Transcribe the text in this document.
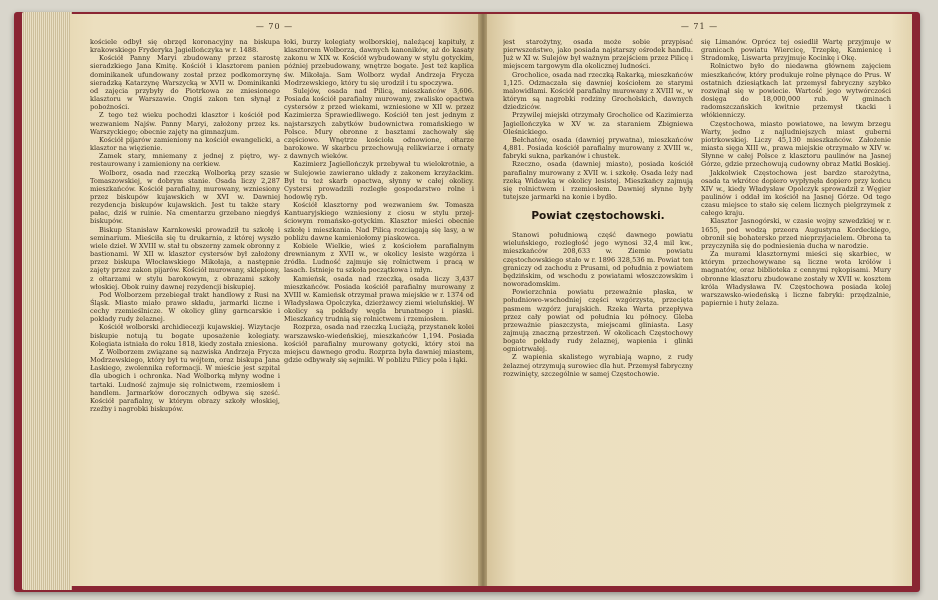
— 70 —

kościele odbył się obrzęd koronacyjny na biskupa krakowskiego Fryderyka Jagiellończyka w r. 1488.

Kościół Panny Maryi zbudowany przez starostę sieradzkiego Jana Kmitę. Kościół i klasztorem panien dominikanek ufundowany został przez podkomorzynę sieradzką Katarzynę Warszycką w XVII w. Dominikanki od zajęcia przybyły do Piotrkowa ze zniesionego klasztoru w Warszawie. Ongiś zakon ten słynął z pobożności.

Z tego też wieku pochodzi klasztor i kościół pod wezwaniem Najśw. Panny Maryi, założony przez ks. Warszyckiego; obecnie zajęty na gimnazjum.

Kościół pijarów zamieniony na kościół ewangelicki, a klasztor na więzienie.

Zamek stary, mniemany z jednej z piętro, wyrestaurowany i zamieniony na cerkiew.

Wolborz, osada nad rzeczką Wolborką przy szasie Tomaszowskiej, w dobrym stanie. Osada liczy 2,287 mieszkańców. Kościół parafialny, murowany, wzniesiony przez biskupów kujawskich w XVI w. Dawniej rezydencja biskupów kujawskich. Jest tu także stary pałac, dziś w ruinie. Na cmentarzu grzebano niegdyś biskupów.

Biskup Stanisław Karnkowski prowadził tu szkołę i seminarium. Mieściła się tu drukarnia, z której wyszło wiele dzieł. W XVIII w. stał tu obszerny zamek obronny z bastionami. W XII w. klasztor cystersów był założony przez biskupa Włocławskiego Mikołaja, a następnie zajęty przez zakon pijarów. Kościół murowany, sklepiony, z ołtarzami w stylu barokowym, z obrazami szkoły włoskiej. Obok ruiny dawnej rezydencji biskupiej.

Pod Wolborzem przebiegał trakt handlowy z Rusi na Śląsk. Miasto miało prawo składu, jarmarki liczne i cechy rzemieślnicze. W okolicy gliny garncarskie i pokłady rudy żelaznej.

Kościół wolborski archidiecezji kujawskiej. Wizytacje biskupie notują tu bogate uposażenie kolegiaty. Kolegiata istniała do roku 1818, kiedy została zniesiona.

Z Wolborzem związane są nazwiska Andrzeja Frycza Modrzewskiego, który był tu wójtem, oraz biskupa Jana Łaskiego, zwolennika reformacji. W mieście jest szpital dla ubogich i ochronka. Nad Wolborką młyny wodne i tartaki. Ludność zajmuje się rolnictwem, rzemiosłem i handlem. Jarmarków dorocznych odbywa się sześć. Kościół parafialny, w którym obrazy szkoły włoskiej, rzeźby i nagrobki biskupów.

łoki, burzy kolegiaty wolborskiej, należącej kapituły, z klasztorem Wolborza, dawnych kanoników, aż do kasaty zakonu w XIX w. Kościół wybudowany w stylu gotyckim, później przebudowany, wnętrze bogate. Jest też kaplica św. Mikołaja. Sam Wolborz wydał Andrzeja Frycza Modrzewskiego, który tu się urodził i tu spoczywa.

Sulejów, osada nad Pilicą, mieszkańców 3,606. Posiada kościół parafialny murowany, zwalisko opactwa cystersów z przed wiekami, wzniesione w XII w. przez Kazimierza Sprawiedliwego. Kościół ten jest jednym z najstarszych zabytków budownictwa romańskiego w Polsce. Mury obronne z basztami zachowały się częściowo. Wnętrze kościoła odnowione, ołtarze barokowe. W skarbcu przechowują relikwiarze i ornaty z dawnych wieków.

Kazimierz Jagiellończyk przebywał tu wielokrotnie, a w Sulejowie zawierano układy z zakonem krzyżackim. Był tu też skarb opactwa, słynny w całej okolicy. Cystersi prowadzili rozległe gospodarstwo rolne i hodowlę ryb.

Kościół klasztorny pod wezwaniem św. Tomasza Kantuaryjskiego wzniesiony z ciosu w stylu przejściowym romańsko-gotyckim. Klasztor mieści obecnie szkołę i mieszkania. Nad Pilicą rozciągają się lasy, a w pobliżu dawne kamieniołomy piaskowca.

Kobiele Wielkie, wieś z kościołem parafialnym drewnianym z XVII w., w okolicy lesiste wzgórza i źródła. Ludność zajmuje się rolnictwem i pracą w lasach. Istnieje tu szkoła początkowa i młyn.

Kamieńsk, osada nad rzeczką, osada liczy 3,437 mieszkańców. Posiada kościół parafialny murowany z XVIII w. Kamieńsk otrzymał prawa miejskie w r. 1374 od Władysława Opolczyka, dzierżawcy ziemi wieluńskiej. W okolicy są pokłady węgla brunatnego i piaski. Mieszkańcy trudnią się rolnictwem i rzemiosłem.

Rozprza, osada nad rzeczką Luciążą, przystanek kolei warszawsko-wiedeńskiej, mieszkańców 1,194. Posiada kościół parafialny murowany gotycki, który stoi na miejscu dawnego grodu. Rozprza była dawniej miastem, gdzie odbywały się sejmiki. W pobliżu Pilicy pola i łąki.

— 71 —

jest starożytny, osada może sobie przypisać pierwszeństwo, jako posiada najstarszy ośrodek handlu. Już w XI w. Sulejów był ważnym przejściem przez Pilicę i miejscem targowym dla okolicznej ludności.

Grocholice, osada nad rzeczką Rakarką, mieszkańców 1,125. Odznaczała się dawniej kościołem ze starymi malowidłami. Kościół parafialny murowany z XVIII w., w którym są nagrobki rodziny Grocholskich, dawnych dziedziców.

Przywilej miejski otrzymały Grocholice od Kazimierza Jagiellończyka w XV w. za staraniem Zbigniewa Oleśnickiego.

Bełchatów, osada (dawniej prywatna), mieszkańców 4,881. Posiada kościół parafialny murowany z XVIII w., fabryki sukna, parkanów i chustek.

Rzeczno, osada (dawniej miasto), posiada kościół parafialny murowany z XVII w. i szkołę. Osada leży nad rzeką Widawką w okolicy lesistej. Mieszkańcy zajmują się rolnictwem i rzemiosłem. Dawniej słynne były tutejsze jarmarki na konie i bydło.

Powiat częstochowski.

Stanowi południową część dawnego powiatu wieluńskiego, rozległość jego wynosi 32,4 mil kw., mieszkańców 208,633 w. Ziemie powiatu częstochowskiego stało w r. 1896 328,536 m. Powiat ten graniczy od zachodu z Prusami, od południa z powiatem będzińskim, od wschodu z powiatami włoszczowskim i noworadomskim.

Powierzchnia powiatu przeważnie płaska, w południowo-wschodniej części wzgórzysta, przecięta pasmem wzgórz jurajskich. Rzeka Warta przepływa przez cały powiat od południa ku północy. Gleba przeważnie piaszczysta, miejscami gliniasta. Lasy zajmują znaczną przestrzeń. W okolicach Częstochowy bogate pokłady rudy żelaznej, wapienia i glinki ogniotrwałej.

Z wapienia skalistego wyrabiają wapno, z rudy żelaznej otrzymują surowiec dla hut. Przemysł fabryczny rozwinięty, szczególnie w samej Częstochowie.

się Limanów. Oprócz tej osiedlił Wartę przyjmuje w granicach powiatu Wiercicę, Trzepkę, Kamienicę i Stradomkę, Liswarta przyjmuje Kocinkę i Okę.

Rolnictwo było do niedawna głównem zajęciem mieszkańców, który produkuje rolne płynące do Prus. W ostatnich dziesiątkach lat przemysł fabryczny szybko rozwinął się w powiecie. Wartość jego wytwórczości dosięga do 18,000,000 rub. W gminach radomszczańskich kwitnie przemysł tkacki i włókienniczy.

Częstochowa, miasto powiatowe, na lewym brzegu Warty, jedno z najludniejszych miast guberni piotrkowskiej. Liczy 45,130 mieszkańców. Założenie miasta sięga XIII w., prawa miejskie otrzymało w XIV w. Słynne w całej Polsce z klasztoru paulinów na Jasnej Górze, gdzie przechowują cudowny obraz Matki Boskiej.

Jakkolwiek Częstochowa jest bardzo starożytna, osada ta wkrótce dopiero wypłynęła dopiero przy końcu XIV w., kiedy Władysław Opolczyk sprowadził z Węgier paulinów i oddał im kościół na Jasnej Górze. Od tego czasu miejsce to stało się celem licznych pielgrzymek z całego kraju.

Klasztor Jasnogórski, w czasie wojny szwedzkiej w r. 1655, pod wodzą przeora Augustyna Kordeckiego, obronił się bohatersko przed nieprzyjacielem. Obrona ta przyczyniła się do podniesienia ducha w narodzie.

Za murami klasztornymi mieści się skarbiec, w którym przechowywane są liczne wota królów i magnatów, oraz biblioteka z cennymi rękopisami. Mury obronne klasztoru zbudowane zostały w XVII w. kosztem króla Władysława IV. Częstochowa posiada kolej warszawsko-wiedeńską i liczne fabryki: przędzalnie, papiernie i huty żelaza.
